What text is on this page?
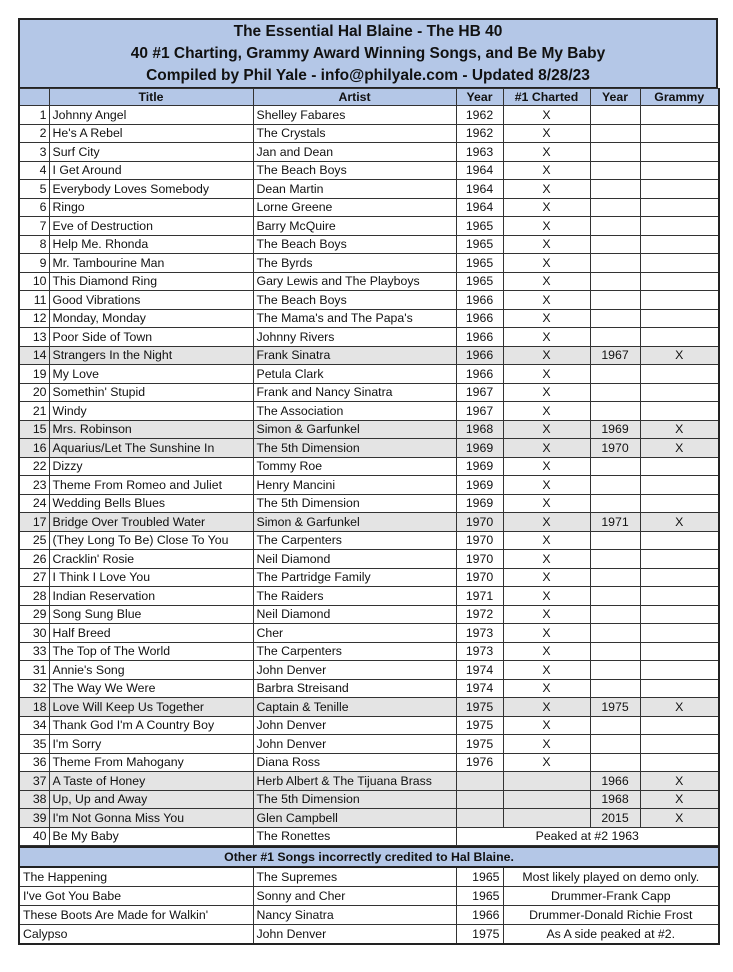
The Essential Hal Blaine - The HB 40
40 #1 Charting, Grammy Award Winning Songs, and Be My Baby
Compiled by Phil Yale - info@philyale.com - Updated 8/28/23
	Title	Artist	Year	#1 Charted	Year	Grammy
1	Johnny Angel	Shelley Fabares	1962	X		
2	He's A Rebel	The Crystals	1962	X		
3	Surf City	Jan and Dean	1963	X		
4	I Get Around	The Beach Boys	1964	X		
5	Everybody Loves Somebody	Dean Martin	1964	X		
6	Ringo	Lorne Greene	1964	X		
7	Eve of Destruction	Barry McQuire	1965	X		
8	Help Me. Rhonda	The Beach Boys	1965	X		
9	Mr. Tambourine Man	The Byrds	1965	X		
10	This Diamond Ring	Gary Lewis and The Playboys	1965	X		
11	Good Vibrations	The Beach Boys	1966	X		
12	Monday, Monday	The Mama's and The Papa's	1966	X		
13	Poor Side of Town	Johnny Rivers	1966	X		
14	Strangers In the Night	Frank Sinatra	1966	X	1967	X
19	My Love	Petula Clark	1966	X		
20	Somethin' Stupid	Frank and Nancy Sinatra	1967	X		
21	Windy	The Association	1967	X		
15	Mrs. Robinson	Simon & Garfunkel	1968	X	1969	X
16	Aquarius/Let The Sunshine In	The 5th Dimension	1969	X	1970	X
22	Dizzy	Tommy Roe	1969	X		
23	Theme From Romeo and Juliet	Henry Mancini	1969	X		
24	Wedding Bells Blues	The 5th Dimension	1969	X		
17	Bridge Over Troubled Water	Simon & Garfunkel	1970	X	1971	X
25	(They Long To Be) Close To You	The Carpenters	1970	X		
26	Cracklin' Rosie	Neil Diamond	1970	X		
27	I Think I Love You	The Partridge Family	1970	X		
28	Indian Reservation	The Raiders	1971	X		
29	Song Sung Blue	Neil Diamond	1972	X		
30	Half Breed	Cher	1973	X		
33	The Top of The World	The Carpenters	1973	X		
31	Annie's Song	John Denver	1974	X		
32	The Way We Were	Barbra Streisand	1974	X		
18	Love Will Keep Us Together	Captain & Tenille	1975	X	1975	X
34	Thank God I'm A Country Boy	John Denver	1975	X		
35	I'm Sorry	John Denver	1975	X		
36	Theme From Mahogany	Diana Ross	1976	X		
37	A Taste of Honey	Herb Albert & The Tijuana Brass			1966	X
38	Up, Up and Away	The 5th Dimension			1968	X
39	I'm Not Gonna Miss You	Glen Campbell			2015	X
40	Be My Baby	The Ronettes	Peaked at #2 1963			
Other #1 Songs incorrectly credited to Hal Blaine.			
The Happening	The Supremes	1965	Most likely played on demo only.
I've Got You Babe	Sonny and Cher	1965	Drummer-Frank Capp
These Boots Are Made for Walkin'	Nancy Sinatra	1966	Drummer-Donald Richie Frost
Calypso	John Denver	1975	As A side peaked at #2.
